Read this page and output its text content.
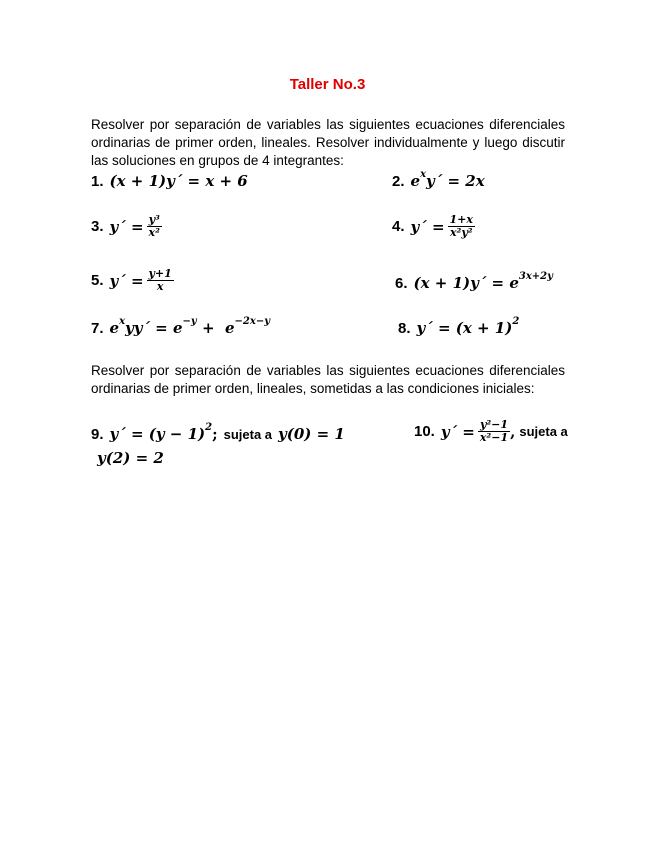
Taller No.3
Resolver por separación de variables las siguientes ecuaciones diferenciales ordinarias de primer orden, lineales. Resolver individualmente y luego discutir las soluciones en grupos de 4 integrantes:
1. (x + 1)y´ = x + 6	2. e x y´ = 2x
3. y´ = $\frac{\text{y³}}{\text{x²}}$	4. y´ = $\frac{1+x}{\text{x²y²}}$
5. y´ = $\frac{y+1}{x}$	6. (x + 1)y´ = e 3x+2y
7. e x yy´ = e −y +  e −2x−y	8. y´ = (x + 1) 2
Resolver por separación de variables las siguientes ecuaciones diferenciales ordinarias de primer orden, lineales, sometidas a las condiciones iniciales:
9. y´ = (y − 1) 2 ; sujeta a y(0) = 1	10. y´ = $\frac{\text{y²−1}}{\text{x²−1}}$ , sujeta a
y(2) = 2
